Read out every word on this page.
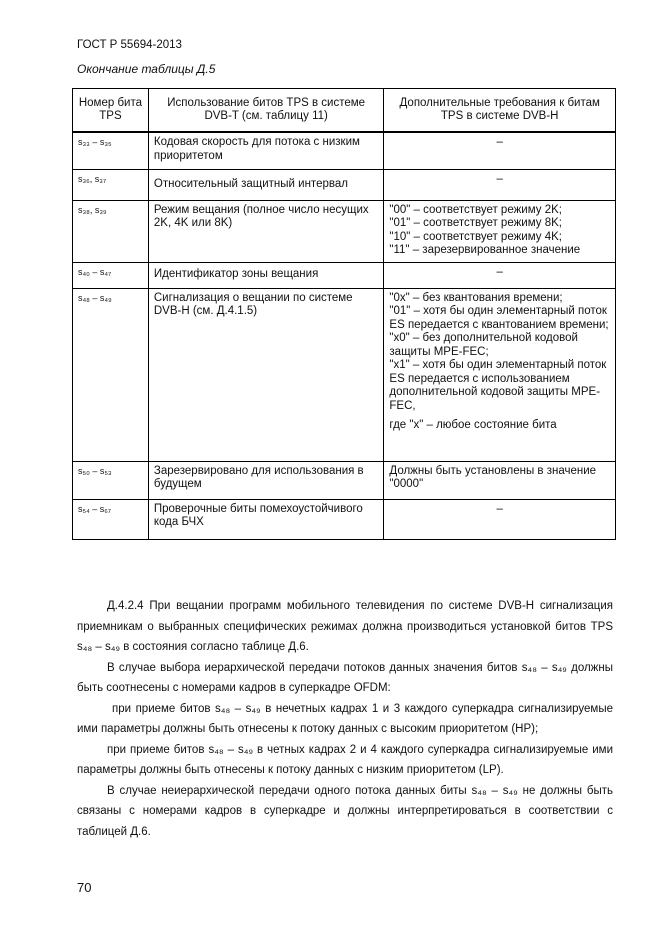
ГОСТ Р 55694-2013
Окончание таблицы Д.5
Номер бита TPS	Использование битов TPS в системе DVB-T (см. таблицу 11)	Дополнительные требования к битам TPS в системе DVB-H
s₃₃ – s₃₅	Кодовая скорость для потока с низким приоритетом	–
s₃₆, s₃₇	Относительный защитный интервал	–
s₃₈, s₃₉	Режим вещания (полное число несущих 2K, 4K или 8K)	"00" – соответствует режиму 2K;
"01" – соответствует режиму 8K;
"10" – соответствует режиму 4K;
"11" – зарезервированное значение
s₄₀ – s₄₇	Идентификатор зоны вещания	–
s₄₈ – s₄₉	Сигнализация о вещании по системе DVB-H (см. Д.4.1.5)	"0x" – без квантования времени;
"01" – хотя бы один элементарный поток ES передается с квантованием времени;
"x0" – без дополнительной кодовой защиты MPE-FEC;
"x1" – хотя бы один элементарный поток ES передается с использованием дополнительной кодовой защиты MPE-FEC,
где "x" – любое состояние бита

s₅₀ – s₅₃	Зарезервировано для использования в будущем	Должны быть установлены в значение "0000"
s₅₄ – s₆₇	Проверочные биты помехоустойчивого кода БЧХ	–

Д.4.2.4 При вещании программ мобильного телевидения по системе DVB-H сигнализация приемникам о выбранных специфических режимах должна производиться установкой битов TPS s₄₈ – s₄₉ в состояния согласно таблице Д.6.

В случае выбора иерархической передачи потоков данных значения битов s₄₈ – s₄₉ должны быть соотнесены с номерами кадров в суперкадре OFDM:

при приеме битов s₄₈ – s₄₉ в нечетных кадрах 1 и 3 каждого суперкадра сигнализируемые ими параметры должны быть отнесены к потоку данных с высоким приоритетом (HP);

при приеме битов s₄₈ – s₄₉ в четных кадрах 2 и 4 каждого суперкадра сигнализируемые ими параметры должны быть отнесены к потоку данных с низким приоритетом (LP).

В случае неиерархической передачи одного потока данных биты s₄₈ – s₄₉ не должны быть связаны с номерами кадров в суперкадре и должны интерпретироваться в соответствии с таблицей Д.6.

70
